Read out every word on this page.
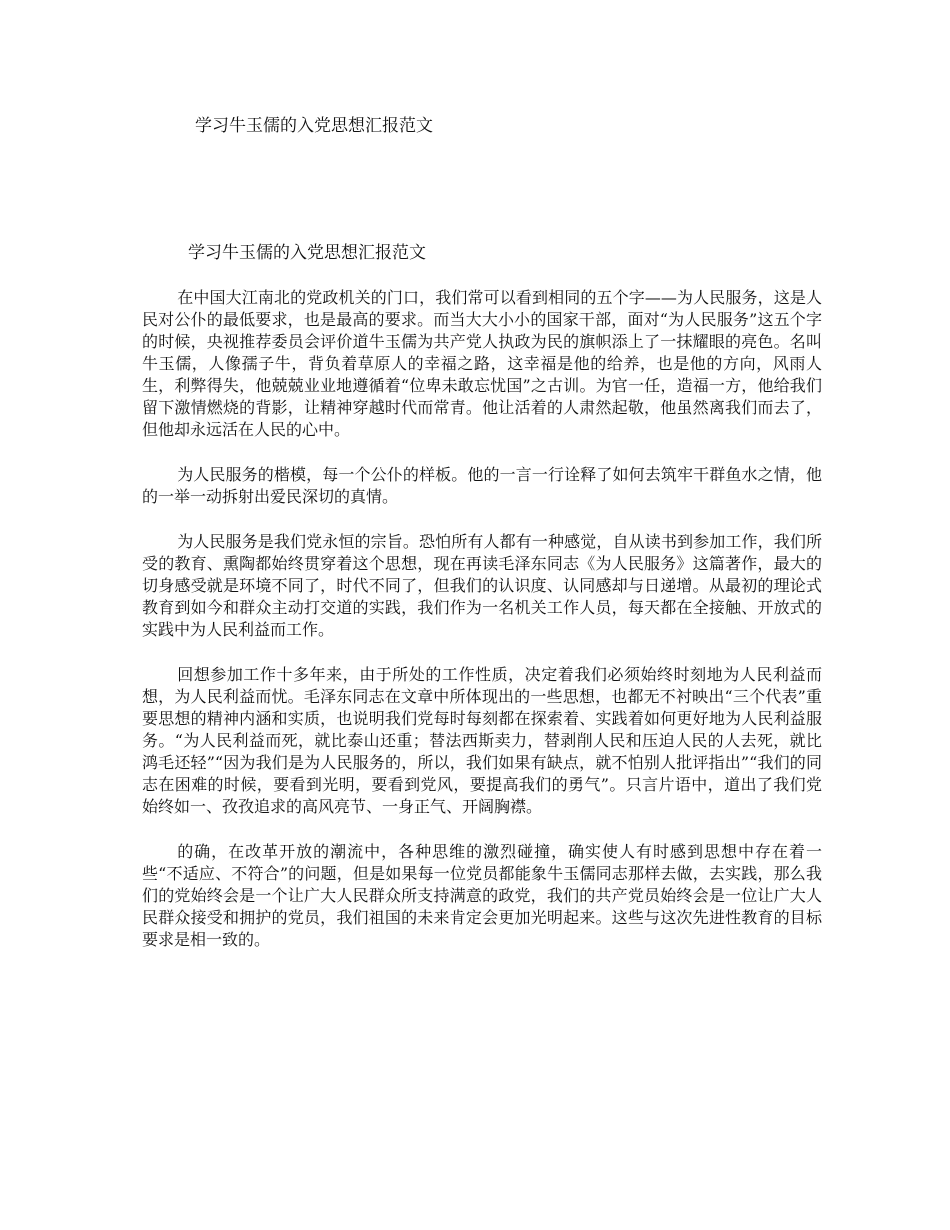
学习牛玉儒的入党思想汇报范文
学习牛玉儒的入党思想汇报范文

在中国大江南北的党政机关的门口，我们常可以看到相同的五个字——为人民服务，这是人民对公仆的最低要求，也是最高的要求。而当大大小小的国家干部，面对“为人民服务”这五个字的时候，央视推荐委员会评价道牛玉儒为共产党人执政为民的旗帜添上了一抹耀眼的亮色。名叫牛玉儒，人像孺子牛，背负着草原人的幸福之路，这幸福是他的给养，也是他的方向，风雨人生，利弊得失，他兢兢业业地遵循着“位卑未敢忘忧国”之古训。为官一任，造福一方，他给我们留下激情燃烧的背影，让精神穿越时代而常青。他让活着的人肃然起敬，他虽然离我们而去了，但他却永远活在人民的心中。

为人民服务的楷模，每一个公仆的样板。他的一言一行诠释了如何去筑牢干群鱼水之情，他的一举一动拆射出爱民深切的真情。

为人民服务是我们党永恒的宗旨。恐怕所有人都有一种感觉，自从读书到参加工作，我们所受的教育、熏陶都始终贯穿着这个思想，现在再读毛泽东同志《为人民服务》这篇著作，最大的切身感受就是环境不同了，时代不同了，但我们的认识度、认同感却与日递增。从最初的理论式教育到如今和群众主动打交道的实践，我们作为一名机关工作人员，每天都在全接触、开放式的实践中为人民利益而工作。

回想参加工作十多年来，由于所处的工作性质，决定着我们必须始终时刻地为人民利益而想，为人民利益而忧。毛泽东同志在文章中所体现出的一些思想，也都无不衬映出“三个代表”重要思想的精神内涵和实质，也说明我们党每时每刻都在探索着、实践着如何更好地为人民利益服务。“为人民利益而死，就比泰山还重；替法西斯卖力，替剥削人民和压迫人民的人去死，就比鸿毛还轻”“因为我们是为人民服务的，所以，我们如果有缺点，就不怕别人批评指出”“我们的同志在困难的时候，要看到光明，要看到党风，要提高我们的勇气”。只言片语中，道出了我们党始终如一、孜孜追求的高风亮节、一身正气、开阔胸襟。

的确，在改革开放的潮流中，各种思维的激烈碰撞，确实使人有时感到思想中存在着一些“不适应、不符合”的问题，但是如果每一位党员都能象牛玉儒同志那样去做，去实践，那么我们的党始终会是一个让广大人民群众所支持满意的政党，我们的共产党员始终会是一位让广大人民群众接受和拥护的党员，我们祖国的未来肯定会更加光明起来。这些与这次先进性教育的目标要求是相一致的。
